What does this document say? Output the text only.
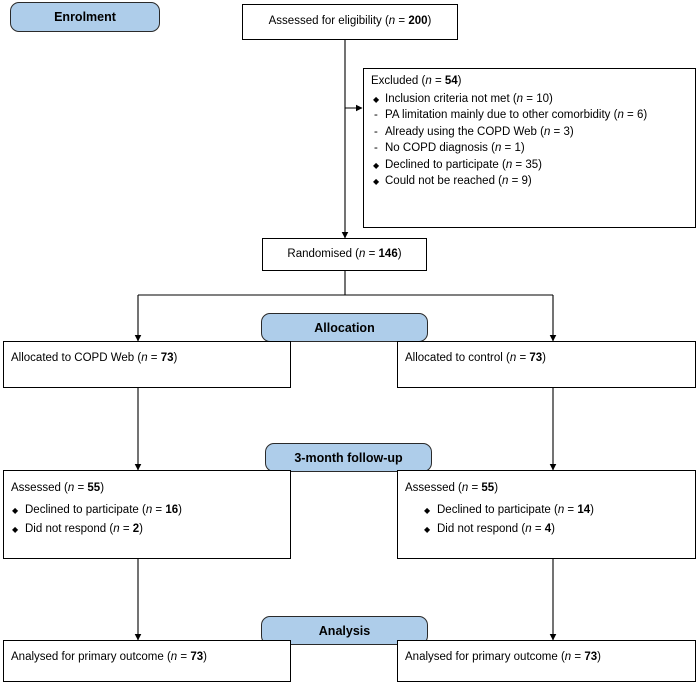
Enrolment
Allocation
3-month follow-up
Analysis
Assessed for eligibility (n = 200)
Excluded (n = 54)
◆ Inclusion criteria not met (n = 10)
- PA limitation mainly due to other comorbidity (n = 6)
- Already using the COPD Web (n = 3)
- No COPD diagnosis (n = 1)
◆ Declined to participate (n = 35)
◆ Could not be reached (n = 9)
Randomised (n = 146)
Allocated to COPD Web (n = 73)	Allocated to control (n = 73)
Assessed (n = 55)
◆ Declined to participate (n = 16)
◆ Did not respond (n = 2)
Assessed (n = 55)
◆ Declined to participate (n = 14)
◆ Did not respond (n = 4)
Analysed for primary outcome (n = 73)	Analysed for primary outcome (n = 73)
